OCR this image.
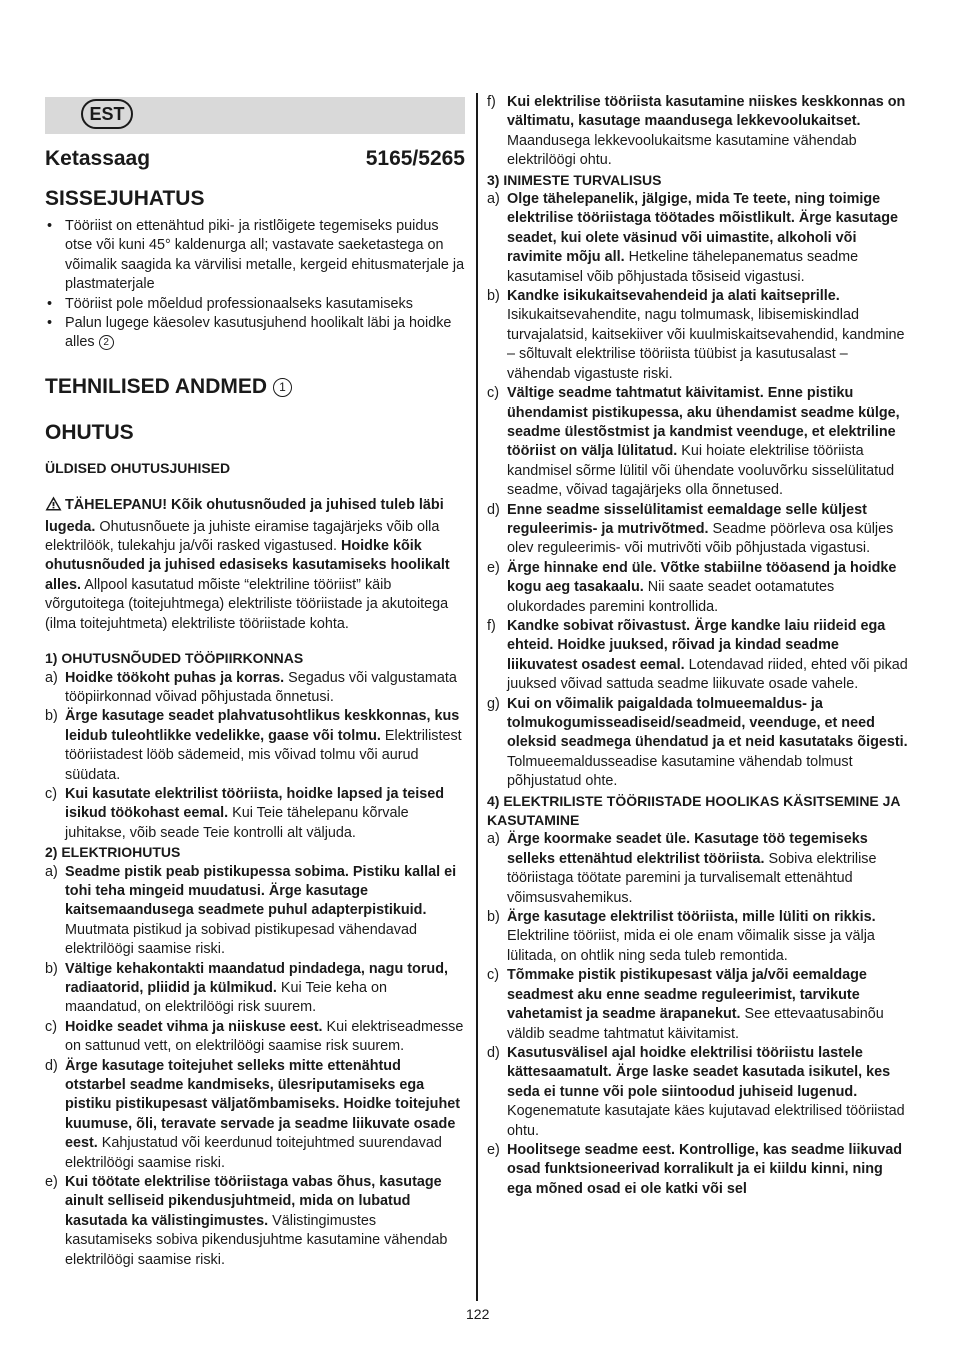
EST
Ketassaag	5165/5265
SISSEJUHATUS
• Tööriist on ettenähtud piki- ja ristlõigete tegemiseks puidus otse või kuni 45° kaldenurga all; vastavate saeketastega on võimalik saagida ka värvilisi metalle, kergeid ehitusmaterjale ja plastmaterjale
• Tööriist pole mõeldud professionaalseks kasutamiseks
• Palun lugege käesolev kasutusjuhend hoolikalt läbi ja hoidke alles 2
TEHNILISED ANDMED 1
OHUTUS
ÜLDISED OHUTUSJUHISED
TÄHELEPANU! Kõik ohutusnõuded ja juhised tuleb läbi lugeda. Ohutusnõuete ja juhiste eiramise tagajärjeks võib olla elektrilöök, tulekahju ja/või rasked vigastused. Hoidke kõik ohutusnõuded ja juhised edasiseks kasutamiseks hoolikalt alles. Allpool kasutatud mõiste “elektriline tööriist” käib võrgutoitega (toitejuhtmega) elektriliste tööriistade ja akutoitega (ilma toitejuhtmeta) elektriliste tööriistade kohta.
1) OHUTUSNÕUDED TÖÖPIIRKONNAS
a) Hoidke töökoht puhas ja korras. Segadus või valgustamata tööpiirkonnad võivad põhjustada õnnetusi.
b) Ärge kasutage seadet plahvatusohtlikus keskkonnas, kus leidub tuleohtlikke vedelikke, gaase või tolmu. Elektrilistest tööriistadest lööb sädemeid, mis võivad tolmu või aurud süüdata.
c) Kui kasutate elektrilist tööriista, hoidke lapsed ja teised isikud töökohast eemal. Kui Teie tähelepanu kõrvale juhitakse, võib seade Teie kontrolli alt väljuda.
2) ELEKTRIOHUTUS
a) Seadme pistik peab pistikupessa sobima. Pistiku kallal ei tohi teha mingeid muudatusi. Ärge kasutage kaitsemaandusega seadmete puhul adapterpistikuid. Muutmata pistikud ja sobivad pistikupesad vähendavad elektrilöögi saamise riski.
b) Vältige kehakontakti maandatud pindadega, nagu torud, radiaatorid, pliidid ja külmikud. Kui Teie keha on maandatud, on elektrilöögi risk suurem.
c) Hoidke seadet vihma ja niiskuse eest. Kui elektriseadmesse on sattunud vett, on elektrilöögi saamise risk suurem.
d) Ärge kasutage toitejuhet selleks mitte ettenähtud otstarbel seadme kandmiseks, ülesriputamiseks ega pistiku pistikupesast väljatõmbamiseks. Hoidke toitejuhet kuumuse, õli, teravate servade ja seadme liikuvate osade eest. Kahjustatud või keerdunud toitejuhtmed suurendavad elektrilöögi saamise riski.
e) Kui töötate elektrilise tööriistaga vabas õhus, kasutage ainult selliseid pikendusjuhtmeid, mida on lubatud kasutada ka välistingimustes. Välistingimustes kasutamiseks sobiva pikendusjuhtme kasutamine vähendab elektrilöögi saamise riski.
f) Kui elektrilise tööriista kasutamine niiskes keskkonnas on vältimatu, kasutage maandusega lekkevoolukaitset. Maandusega lekkevoolukaitsme kasutamine vähendab elektrilöögi ohtu.
3) INIMESTE TURVALISUS
a) Olge tähelepanelik, jälgige, mida Te teete, ning toimige elektrilise tööriistaga töötades mõistlikult. Ärge kasutage seadet, kui olete väsinud või uimastite, alkoholi või ravimite mõju all. Hetkeline tähelepanematus seadme kasutamisel võib põhjustada tõsiseid vigastusi.
b) Kandke isikukaitsevahendeid ja alati kaitseprille. Isikukaitsevahendite, nagu tolmumask, libisemiskindlad turvajalatsid, kaitsekiiver või kuulmiskaitsevahendid, kandmine – sõltuvalt elektrilise tööriista tüübist ja kasutusalast – vähendab vigastuste riski.
c) Vältige seadme tahtmatut käivitamist. Enne pistiku ühendamist pistikupessa, aku ühendamist seadme külge, seadme ülestõstmist ja kandmist veenduge, et elektriline tööriist on välja lülitatud. Kui hoiate elektrilise tööriista kandmisel sõrme lülitil või ühendate vooluvõrku sisselülitatud seadme, võivad tagajärjeks olla õnnetused.
d) Enne seadme sisselülitamist eemaldage selle küljest reguleerimis- ja mutrivõtmed. Seadme pöörleva osa küljes olev reguleerimis- või mutrivõti võib põhjustada vigastusi.
e) Ärge hinnake end üle. Võtke stabiilne tööasend ja hoidke kogu aeg tasakaalu. Nii saate seadet ootamatutes olukordades paremini kontrollida.
f) Kandke sobivat rõivastust. Ärge kandke laiu riideid ega ehteid. Hoidke juuksed, rõivad ja kindad seadme liikuvatest osadest eemal. Lotendavad riided, ehted või pikad juuksed võivad sattuda seadme liikuvate osade vahele.
g) Kui on võimalik paigaldada tolmueemaldus- ja tolmukogumisseadiseid/seadmeid, veenduge, et need oleksid seadmega ühendatud ja et neid kasutataks õigesti. Tolmueemaldusseadise kasutamine vähendab tolmust põhjustatud ohte.
4) ELEKTRILISTE TÖÖRIISTADE HOOLIKAS KÄSITSEMINE JA KASUTAMINE
a) Ärge koormake seadet üle. Kasutage töö tegemiseks selleks ettenähtud elektrilist tööriista. Sobiva elektrilise tööriistaga töötate paremini ja turvalisemalt ettenähtud võimsusvahemikus.
b) Ärge kasutage elektrilist tööriista, mille lüliti on rikkis. Elektriline tööriist, mida ei ole enam võimalik sisse ja välja lülitada, on ohtlik ning seda tuleb remontida.
c) Tõmmake pistik pistikupesast välja ja/või eemaldage seadmest aku enne seadme reguleerimist, tarvikute vahetamist ja seadme ärapanekut. See ettevaatusabinõu väldib seadme tahtmatut käivitamist.
d) Kasutusvälisel ajal hoidke elektrilisi tööriistu lastele kättesaamatult. Ärge laske seadet kasutada isikutel, kes seda ei tunne või pole siintoodud juhiseid lugenud. Kogenematute kasutajate käes kujutavad elektrilised tööriistad ohtu.
e) Hoolitsege seadme eest. Kontrollige, kas seadme liikuvad osad funktsioneerivad korralikult ja ei kiildu kinni, ning ega mõned osad ei ole katki või sel
122
